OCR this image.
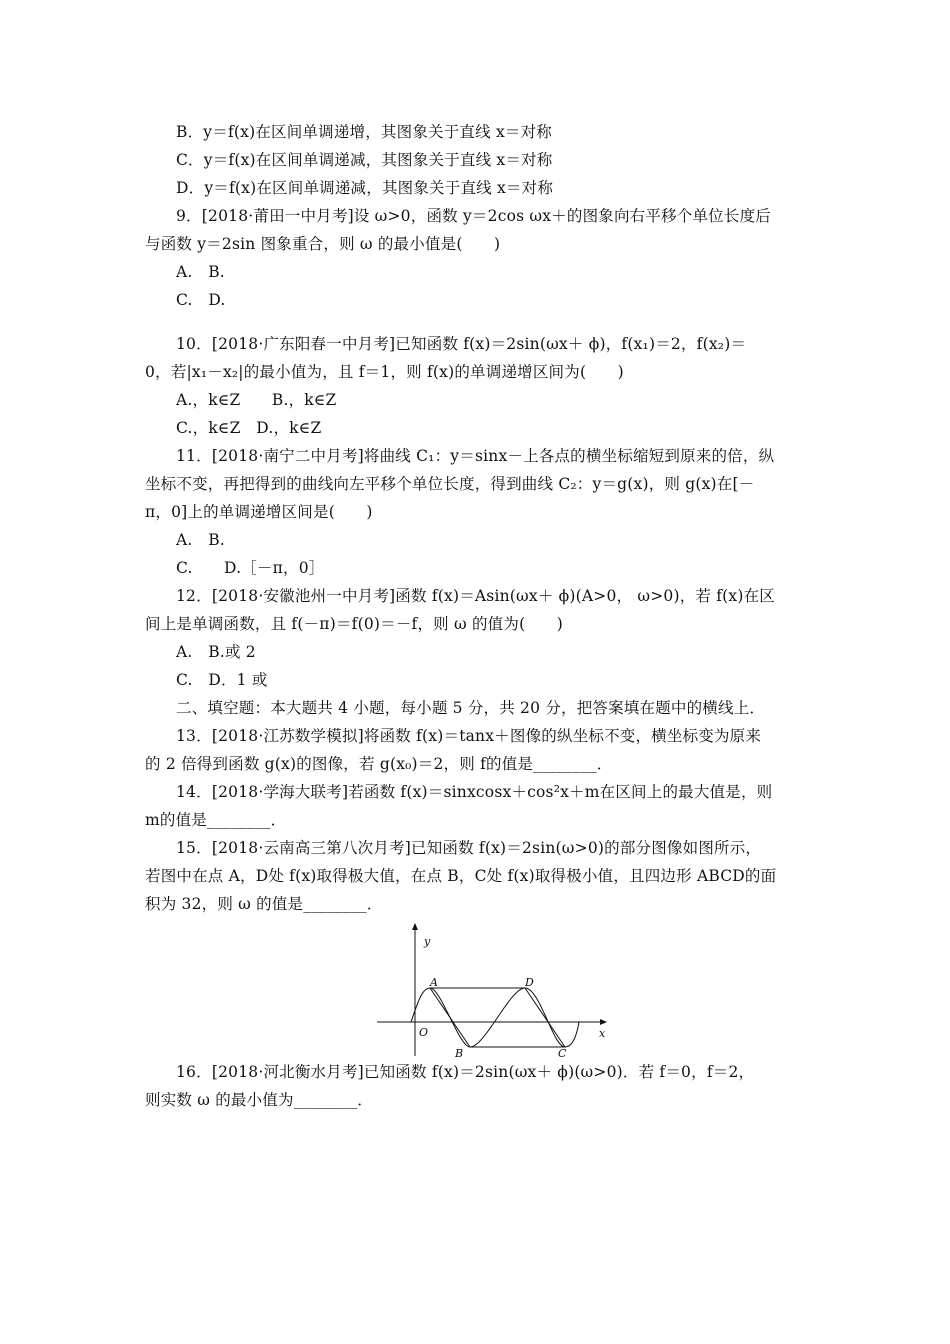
B．y＝f(x)在区间单调递增，其图象关于直线 x＝对称
C．y＝f(x)在区间单调递减，其图象关于直线 x＝对称
D．y＝f(x)在区间单调递减，其图象关于直线 x＝对称
9．[2018·莆田一中月考]设 ω>0，函数 y＝2cos ωx＋的图象向右平移个单位长度后
与函数 y＝2sin 图象重合，则 ω 的最小值是(　　)
A.　B.
C.　D.
10．[2018·广东阳春一中月考]已知函数 f(x)＝2sin(ωx＋ ϕ)，f(x₁)＝2，f(x₂)＝
0，若|x₁－x₂|的最小值为，且 f＝1，则 f(x)的单调递增区间为(　　)
A.，k∈Z　　B.，k∈Z
C.，k∈Z　D.，k∈Z
11．[2018·南宁二中月考]将曲线 C₁：y＝sinx－上各点的横坐标缩短到原来的倍，纵
坐标不变，再把得到的曲线向左平移个单位长度，得到曲线 C₂：y＝g(x)，则 g(x)在[－
π，0]上的单调递增区间是(　　)
A.　B.
C.　　D.［－π，0］
12．[2018·安徽池州一中月考]函数 f(x)＝Asin(ωx＋ ϕ)(A>0， ω>0)，若 f(x)在区
间上是单调函数，且 f(－π)＝f(0)＝－f，则 ω 的值为(　　)
A.　B.或 2
C.　D．1 或
二、填空题：本大题共 4 小题，每小题 5 分，共 20 分，把答案填在题中的横线上．
13．[2018·江苏数学模拟]将函数 f(x)＝tanx＋图像的纵坐标不变，横坐标变为原来
的 2 倍得到函数 g(x)的图像，若 g(x₀)＝2，则 f的值是________．
14．[2018·学海大联考]若函数 f(x)＝sinxcosx＋cos²x＋m在区间上的最大值是，则
m的值是________．
15．[2018·云南高三第八次月考]已知函数 f(x)＝2sin(ω>0)的部分图像如图所示，
若图中在点 A，D处 f(x)取得极大值，在点 B，C处 f(x)取得极小值，且四边形 ABCD的面
积为 32，则 ω 的值是________．
y
x
O
A
B	C
D
16．[2018·河北衡水月考]已知函数 f(x)＝2sin(ωx＋ ϕ)(ω>0)．若 f＝0，f＝2，
则实数 ω 的最小值为________．
